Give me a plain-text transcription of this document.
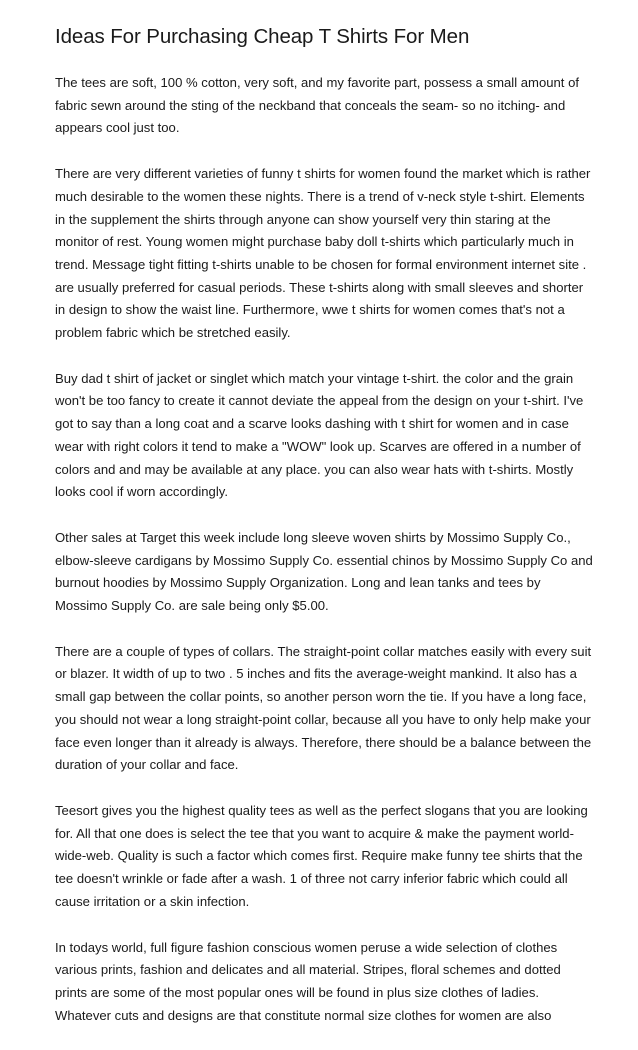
Ideas For Purchasing Cheap T Shirts For Men
The tees are soft, 100 % cotton, very soft, and my favorite part, possess a small amount of
fabric sewn around the sting of the neckband that conceals the seam- so no itching- and
appears cool just too.
There are very different varieties of funny t shirts for women found the market which is rather
much desirable to the women these nights. There is a trend of v-neck style t-shirt. Elements
in the supplement the shirts through anyone can show yourself very thin staring at the
monitor of rest. Young women might purchase baby doll t-shirts which particularly much in
trend. Message tight fitting t-shirts unable to be chosen for formal environment internet site .
are usually preferred for casual periods. These t-shirts along with small sleeves and shorter
in design to show the waist line. Furthermore, wwe t shirts for women comes that's not a
problem fabric which be stretched easily.
Buy dad t shirt of jacket or singlet which match your vintage t-shirt. the color and the grain
won't be too fancy to create it cannot deviate the appeal from the design on your t-shirt. I've
got to say than a long coat and a scarve looks dashing with t shirt for women and in case
wear with right colors it tend to make a "WOW" look up. Scarves are offered in a number of
colors and and may be available at any place. you can also wear hats with t-shirts. Mostly
looks cool if worn accordingly.
Other sales at Target this week include long sleeve woven shirts by Mossimo Supply Co.,
elbow-sleeve cardigans by Mossimo Supply Co. essential chinos by Mossimo Supply Co and
burnout hoodies by Mossimo Supply Organization. Long and lean tanks and tees by
Mossimo Supply Co. are sale being only $5.00.
There are a couple of types of collars. The straight-point collar matches easily with every suit
or blazer. It width of up to two . 5 inches and fits the average-weight mankind. It also has a
small gap between the collar points, so another person worn the tie. If you have a long face,
you should not wear a long straight-point collar, because all you have to only help make your
face even longer than it already is always. Therefore, there should be a balance between the
duration of your collar and face.
Teesort gives you the highest quality tees as well as the perfect slogans that you are looking
for. All that one does is select the tee that you want to acquire & make the payment world-
wide-web. Quality is such a factor which comes first. Require make funny tee shirts that the
tee doesn't wrinkle or fade after a wash. 1 of three not carry inferior fabric which could all
cause irritation or a skin infection.
In todays world, full figure fashion conscious women peruse a wide selection of clothes
various prints, fashion and delicates and all material. Stripes, floral schemes and dotted
prints are some of the most popular ones will be found in plus size clothes of ladies.
Whatever cuts and designs are that constitute normal size clothes for women are also
